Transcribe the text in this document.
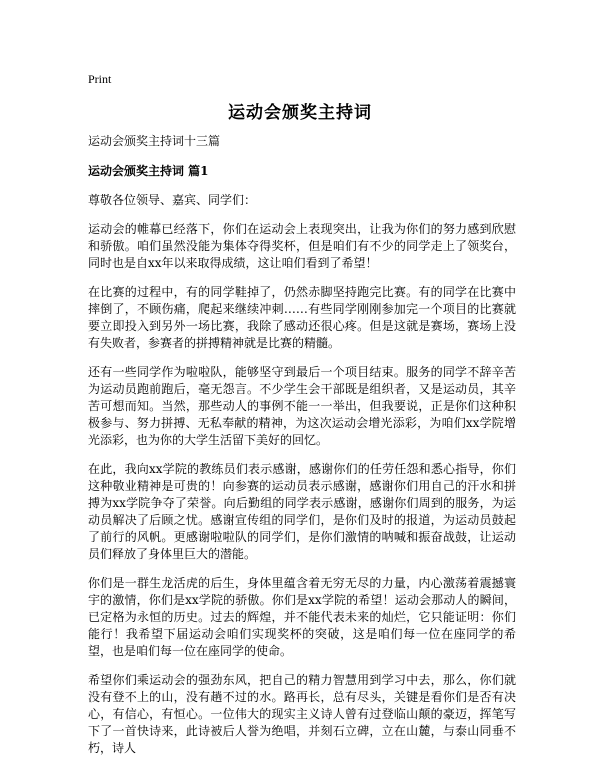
Print
运动会颁奖主持词

运动会颁奖主持词十三篇

运动会颁奖主持词 篇1

尊敬各位领导、嘉宾、同学们：

运动会的帷幕已经落下，你们在运动会上表现突出，让我为你们的努力感到欣慰和骄傲。咱们虽然没能为集体夺得奖杯，但是咱们有不少的同学走上了领奖台，同时也是自xx年以来取得成绩，这让咱们看到了希望！

在比赛的过程中，有的同学鞋掉了，仍然赤脚坚持跑完比赛。有的同学在比赛中摔倒了，不顾伤痛，爬起来继续冲刺……有些同学刚刚参加完一个项目的比赛就要立即投入到另外一场比赛，我除了感动还很心疼。但是这就是赛场，赛场上没有失败者，参赛者的拼搏精神就是比赛的精髓。

还有一些同学作为啦啦队，能够坚守到最后一个项目结束。服务的同学不辞辛苦为运动员跑前跑后，毫无怨言。不少学生会干部既是组织者，又是运动员，其辛苦可想而知。当然，那些动人的事例不能一一举出，但我要说，正是你们这种积极参与、努力拼搏、无私奉献的精神，为这次运动会增光添彩，为咱们xx学院增光添彩，也为你的大学生活留下美好的回忆。

在此，我向xx学院的教练员们表示感谢，感谢你们的任劳任怨和悉心指导，你们这种敬业精神是可贵的！向参赛的运动员表示感谢，感谢你们用自己的汗水和拼搏为xx学院争夺了荣誉。向后勤组的同学表示感谢，感谢你们周到的服务，为运动员解决了后顾之忧。感谢宣传组的同学们，是你们及时的报道，为运动员鼓起了前行的风帆。更感谢啦啦队的同学们，是你们激情的呐喊和振奋战鼓，让运动员们释放了身体里巨大的潜能。

你们是一群生龙活虎的后生，身体里蕴含着无穷无尽的力量，内心激荡着震撼寰宇的激情，你们是xx学院的骄傲。你们是xx学院的希望！运动会那动人的瞬间，已定格为永恒的历史。过去的辉煌，并不能代表未来的灿烂，它只能证明：你们能行！我希望下届运动会咱们实现奖杯的突破，这是咱们每一位在座同学的希望，也是咱们每一位在座同学的使命。

希望你们乘运动会的强劲东风，把自己的精力智慧用到学习中去，那么，你们就没有登不上的山，没有趟不过的水。路再长，总有尽头，关键是看你们是否有决心，有信心，有恒心。一位伟大的现实主义诗人曾有过登临山颠的豪迈，挥笔写下了一首快诗来，此诗被后人誉为绝唱，并刻石立碑，立在山麓，与泰山同垂不朽，诗人
